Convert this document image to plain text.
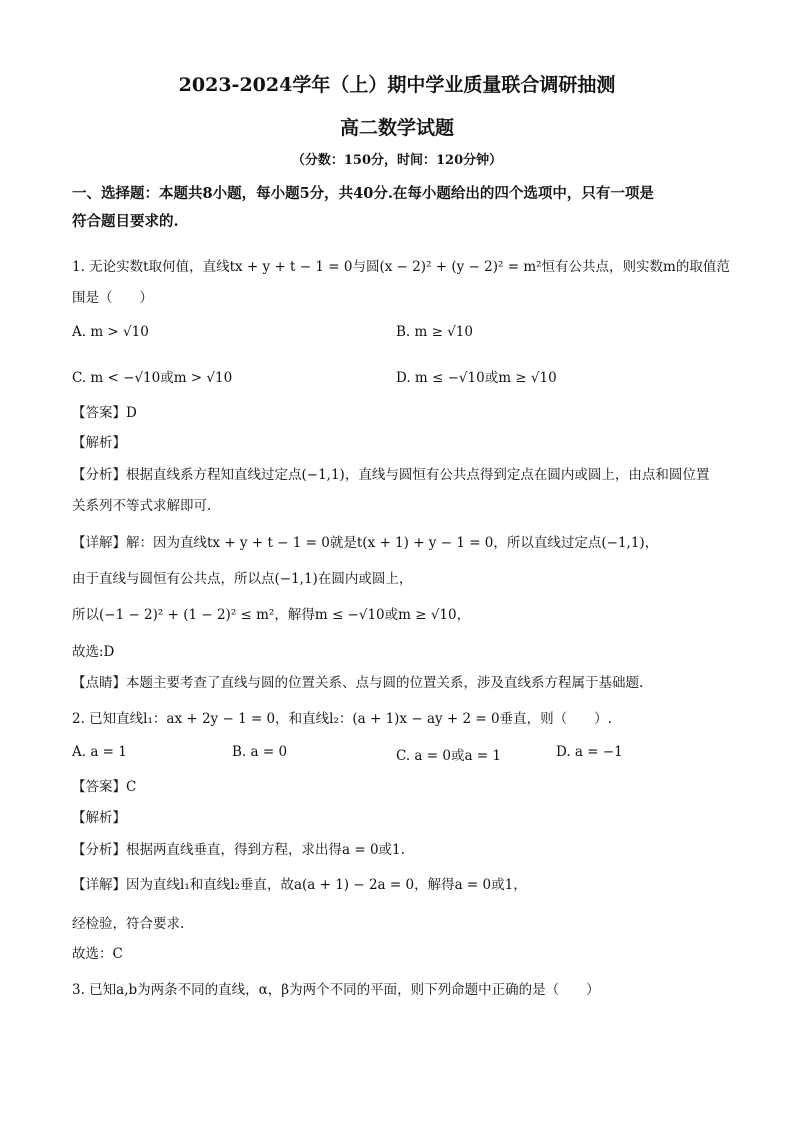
2023-2024学年（上）期中学业质量联合调研抽测
高二数学试题
（分数：150分，时间：120分钟）
一、选择题：本题共8小题，每小题5分，共40分.在每小题给出的四个选项中，只有一项是
符合题目要求的.
1. 无论实数t取何值，直线tx + y + t − 1 = 0与圆(x − 2)² + (y − 2)² = m²恒有公共点，则实数m的取值范
围是（　　）
A. m > √10	B. m ≥ √10
C. m < −√10或m > √10	D. m ≤ −√10或m ≥ √10
【答案】D
【解析】
【分析】根据直线系方程知直线过定点(−1,1)，直线与圆恒有公共点得到定点在圆内或圆上，由点和圆位置
关系列不等式求解即可.
【详解】解：因为直线tx + y + t − 1 = 0就是t(x + 1) + y − 1 = 0，所以直线过定点(−1,1)，
由于直线与圆恒有公共点，所以点(−1,1)在圆内或圆上，
所以(−1 − 2)² + (1 − 2)² ≤ m²，解得m ≤ −√10或m ≥ √10，
故选:D
【点睛】本题主要考查了直线与圆的位置关系、点与圆的位置关系，涉及直线系方程属于基础题.
2. 已知直线l₁：ax + 2y − 1 = 0，和直线l₂：(a + 1)x − ay + 2 = 0垂直，则（　　）.
A. a = 1	B. a = 0	C. a = 0或a = 1	D. a = −1
【答案】C
【解析】
【分析】根据两直线垂直，得到方程，求出得a = 0或1.
【详解】因为直线l₁和直线l₂垂直，故a(a + 1) − 2a = 0，解得a = 0或1，
经检验，符合要求.
故选：C
3. 已知a,b为两条不同的直线，α，β为两个不同的平面，则下列命题中正确的是（　　）
